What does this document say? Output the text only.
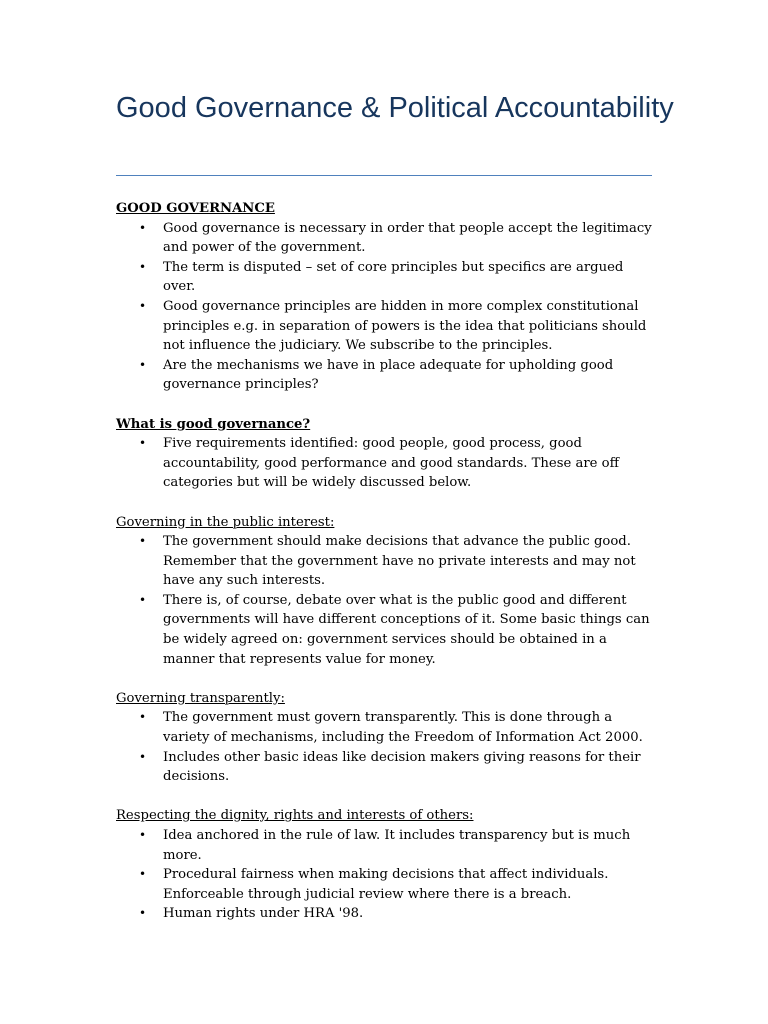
Good Governance & Political Accountability
GOOD GOVERNANCE
• Good governance is necessary in order that people accept the legitimacy and power of the government.
• The term is disputed – set of core principles but specifics are argued over.
• Good governance principles are hidden in more complex constitutional principles e.g. in separation of powers is the idea that politicians should not influence the judiciary. We subscribe to the principles.
• Are the mechanisms we have in place adequate for upholding good governance principles?
What is good governance?
• Five requirements identified: good people, good process, good accountability, good performance and good standards. These are off categories but will be widely discussed below.
Governing in the public interest:
• The government should make decisions that advance the public good. Remember that the government have no private interests and may not have any such interests.
• There is, of course, debate over what is the public good and different governments will have different conceptions of it. Some basic things can be widely agreed on: government services should be obtained in a manner that represents value for money.
Governing transparently:
• The government must govern transparently. This is done through a variety of mechanisms, including the Freedom of Information Act 2000.
• Includes other basic ideas like decision makers giving reasons for their decisions.
Respecting the dignity, rights and interests of others:
• Idea anchored in the rule of law. It includes transparency but is much more.
• Procedural fairness when making decisions that affect individuals. Enforceable through judicial review where there is a breach.
• Human rights under HRA '98.
